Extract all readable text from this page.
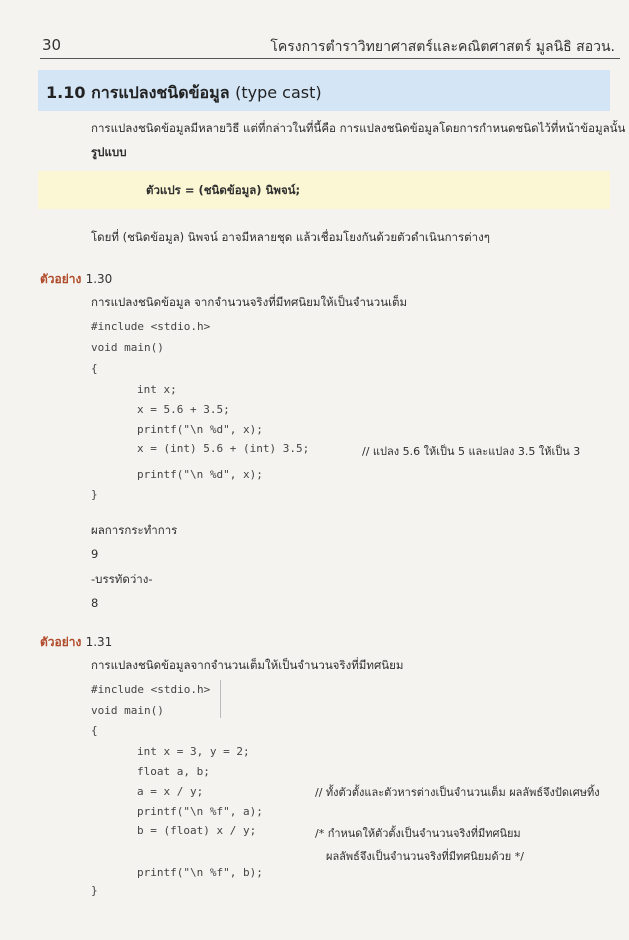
30	โครงการตำราวิทยาศาสตร์และคณิตศาสตร์ มูลนิธิ สอวน.
1.10 การแปลงชนิดข้อมูล (type cast)
การแปลงชนิดข้อมูลมีหลายวิธี แต่ที่กล่าวในที่นี้คือ การแปลงชนิดข้อมูลโดยการกำหนดชนิดไว้ที่หน้าข้อมูลนั้น
รูปแบบ
ตัวแปร = (ชนิดข้อมูล) นิพจน์;
โดยที่ (ชนิดข้อมูล) นิพจน์ อาจมีหลายชุด แล้วเชื่อมโยงกันด้วยตัวดำเนินการต่างๆ
ตัวอย่าง 1.30
การแปลงชนิดข้อมูล จากจำนวนจริงที่มีทศนิยมให้เป็นจำนวนเต็ม
#include <stdio.h>
void main()
{
int x;
x = 5.6 + 3.5;
printf("\n %d", x);
x = (int) 5.6 + (int) 3.5;	// แปลง 5.6 ให้เป็น 5 และแปลง 3.5 ให้เป็น 3
printf("\n %d", x);
}
ผลการกระทำการ
9
-บรรทัดว่าง-
8
ตัวอย่าง 1.31
การแปลงชนิดข้อมูลจากจำนวนเต็มให้เป็นจำนวนจริงที่มีทศนิยม
#include <stdio.h>
void main()
{
int x = 3, y = 2;
float a, b;
a = x / y;	// ทั้งตัวตั้งและตัวหารต่างเป็นจำนวนเต็ม ผลลัพธ์จึงปัดเศษทิ้ง
printf("\n %f", a);
b = (float) x / y;	/* กำหนดให้ตัวตั้งเป็นจำนวนจริงที่มีทศนิยม
ผลลัพธ์จึงเป็นจำนวนจริงที่มีทศนิยมด้วย */
printf("\n %f", b);
}
